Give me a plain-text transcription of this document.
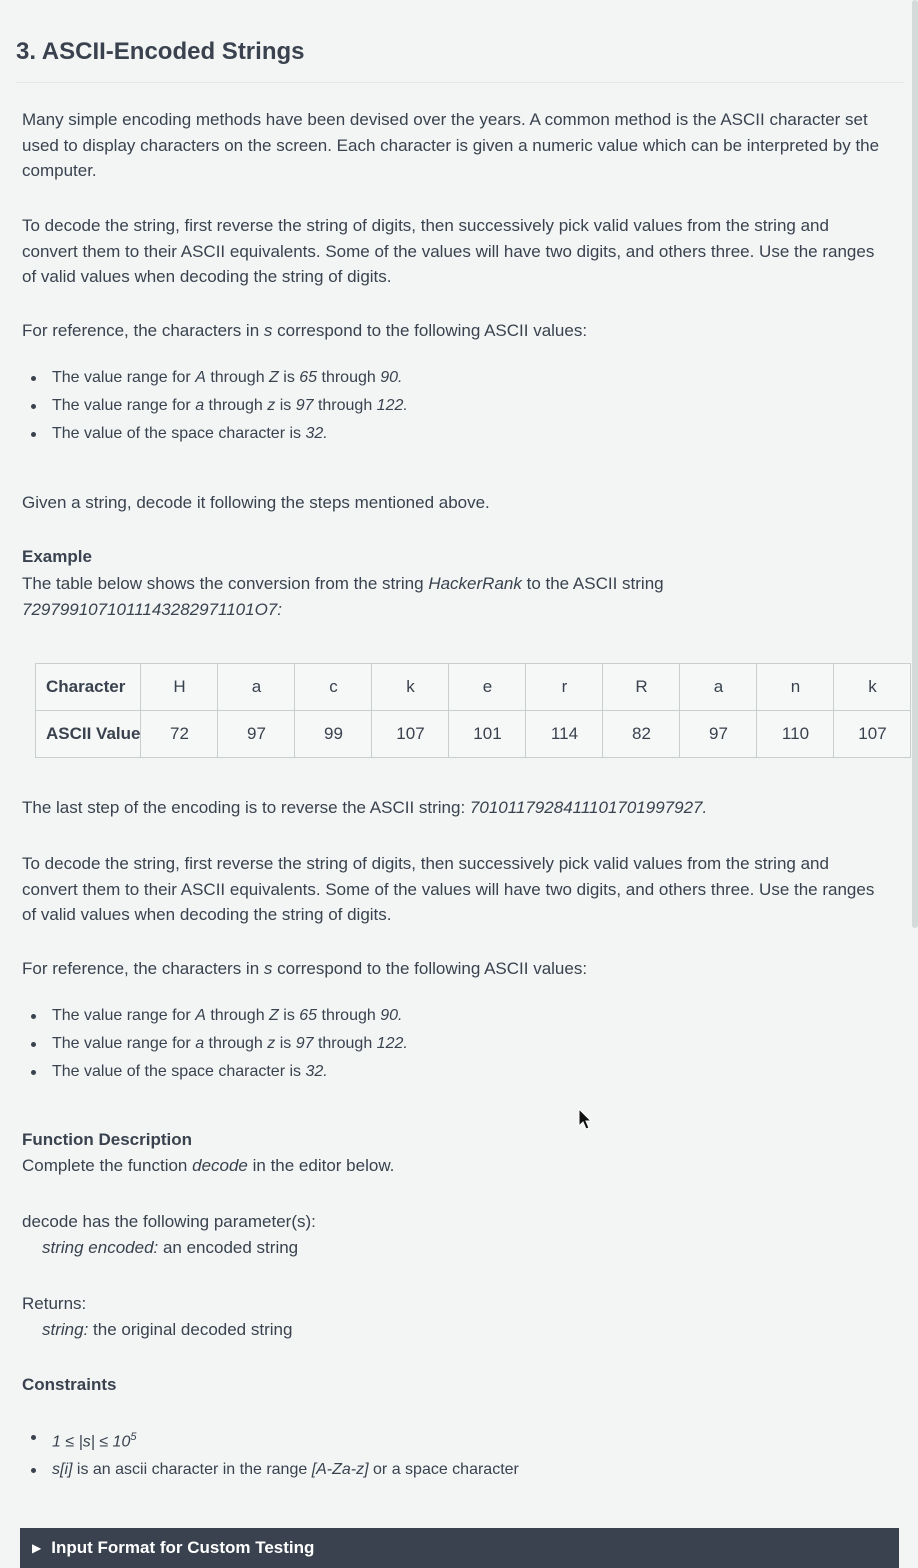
3. ASCII-Encoded Strings

Many simple encoding methods have been devised over the years. A common method is the ASCII character set used to display characters on the screen. Each character is given a numeric value which can be interpreted by the computer.

To decode the string, first reverse the string of digits, then successively pick valid values from the string and convert them to their ASCII equivalents. Some of the values will have two digits, and others three. Use the ranges of valid values when decoding the string of digits.

For reference, the characters in s correspond to the following ASCII values:

The value range for A through Z is 65 through 90.
The value range for a through z is 97 through 122.
The value of the space character is 32.

Given a string, decode it following the steps mentioned above.

Example

The table below shows the conversion from the string HackerRank to the ASCII string
7297991071011143282971101O7:

Character	H	a	c	k	e	r	R	a	n	k
ASCII Value	72	97	99	107	101	114	82	97	110	107

The last step of the encoding is to reverse the ASCII string: 7010117928411101701997927.

To decode the string, first reverse the string of digits, then successively pick valid values from the string and convert them to their ASCII equivalents. Some of the values will have two digits, and others three. Use the ranges of valid values when decoding the string of digits.

For reference, the characters in s correspond to the following ASCII values:

The value range for A through Z is 65 through 90.
The value range for a through z is 97 through 122.
The value of the space character is 32.
Function Description

Complete the function decode in the editor below.

decode has the following parameter(s):
string encoded: an encoded string

Returns:
string: the original decoded string

Constraints
$1 \le |s| \le 10^5$
s[i] is an ascii character in the range [A-Za-z] or a space character
▶ Input Format for Custom Testing
